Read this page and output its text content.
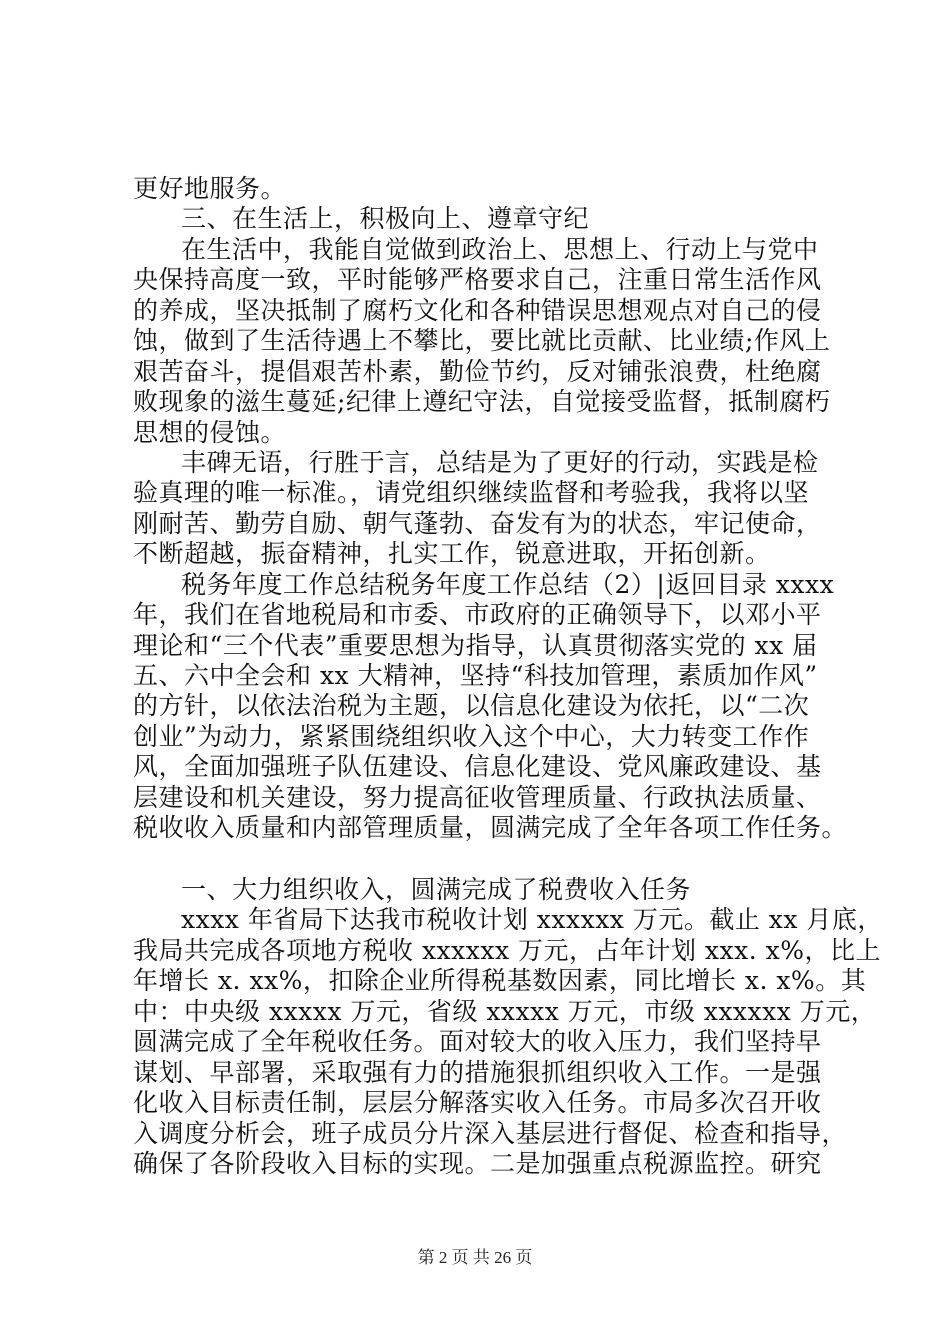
更好地服务。
三、在生活上，积极向上、遵章守纪
在生活中，我能自觉做到政治上、思想上、行动上与党中
央保持高度一致，平时能够严格要求自己，注重日常生活作风
的养成，坚决抵制了腐朽文化和各种错误思想观点对自己的侵
蚀，做到了生活待遇上不攀比，要比就比贡献、比业绩;作风上
艰苦奋斗，提倡艰苦朴素，勤俭节约，反对铺张浪费，杜绝腐
败现象的滋生蔓延;纪律上遵纪守法，自觉接受监督，抵制腐朽
思想的侵蚀。
丰碑无语，行胜于言，总结是为了更好的行动，实践是检
验真理的唯一标准。，请党组织继续监督和考验我，我将以坚
刚耐苦、勤劳自励、朝气蓬勃、奋发有为的状态，牢记使命，
不断超越，振奋精神，扎实工作，锐意进取，开拓创新。
税务年度工作总结税务年度工作总结（2）|返回目录 xxxx
年，我们在省地税局和市委、市政府的正确领导下，以邓小平
理论和“三个代表”重要思想为指导，认真贯彻落实党的 xx 届
五、六中全会和 xx 大精神，坚持“科技加管理，素质加作风”
的方针，以依法治税为主题，以信息化建设为依托，以“二次
创业”为动力，紧紧围绕组织收入这个中心，大力转变工作作
风，全面加强班子队伍建设、信息化建设、党风廉政建设、基
层建设和机关建设，努力提高征收管理质量、行政执法质量、
税收收入质量和内部管理质量，圆满完成了全年各项工作任务。
一、大力组织收入，圆满完成了税费收入任务
xxxx 年省局下达我市税收计划 xxxxxx 万元。截止 xx 月底，
我局共完成各项地方税收 xxxxxx 万元，占年计划 xxx. x%，比上
年增长 x. xx%，扣除企业所得税基数因素，同比增长 x. x%。其
中：中央级 xxxxx 万元，省级 xxxxx 万元，市级 xxxxxx 万元，
圆满完成了全年税收任务。面对较大的收入压力，我们坚持早
谋划、早部署，采取强有力的措施狠抓组织收入工作。一是强
化收入目标责任制，层层分解落实收入任务。市局多次召开收
入调度分析会，班子成员分片深入基层进行督促、检查和指导，
确保了各阶段收入目标的实现。二是加强重点税源监控。研究
第 2 页 共 26 页
